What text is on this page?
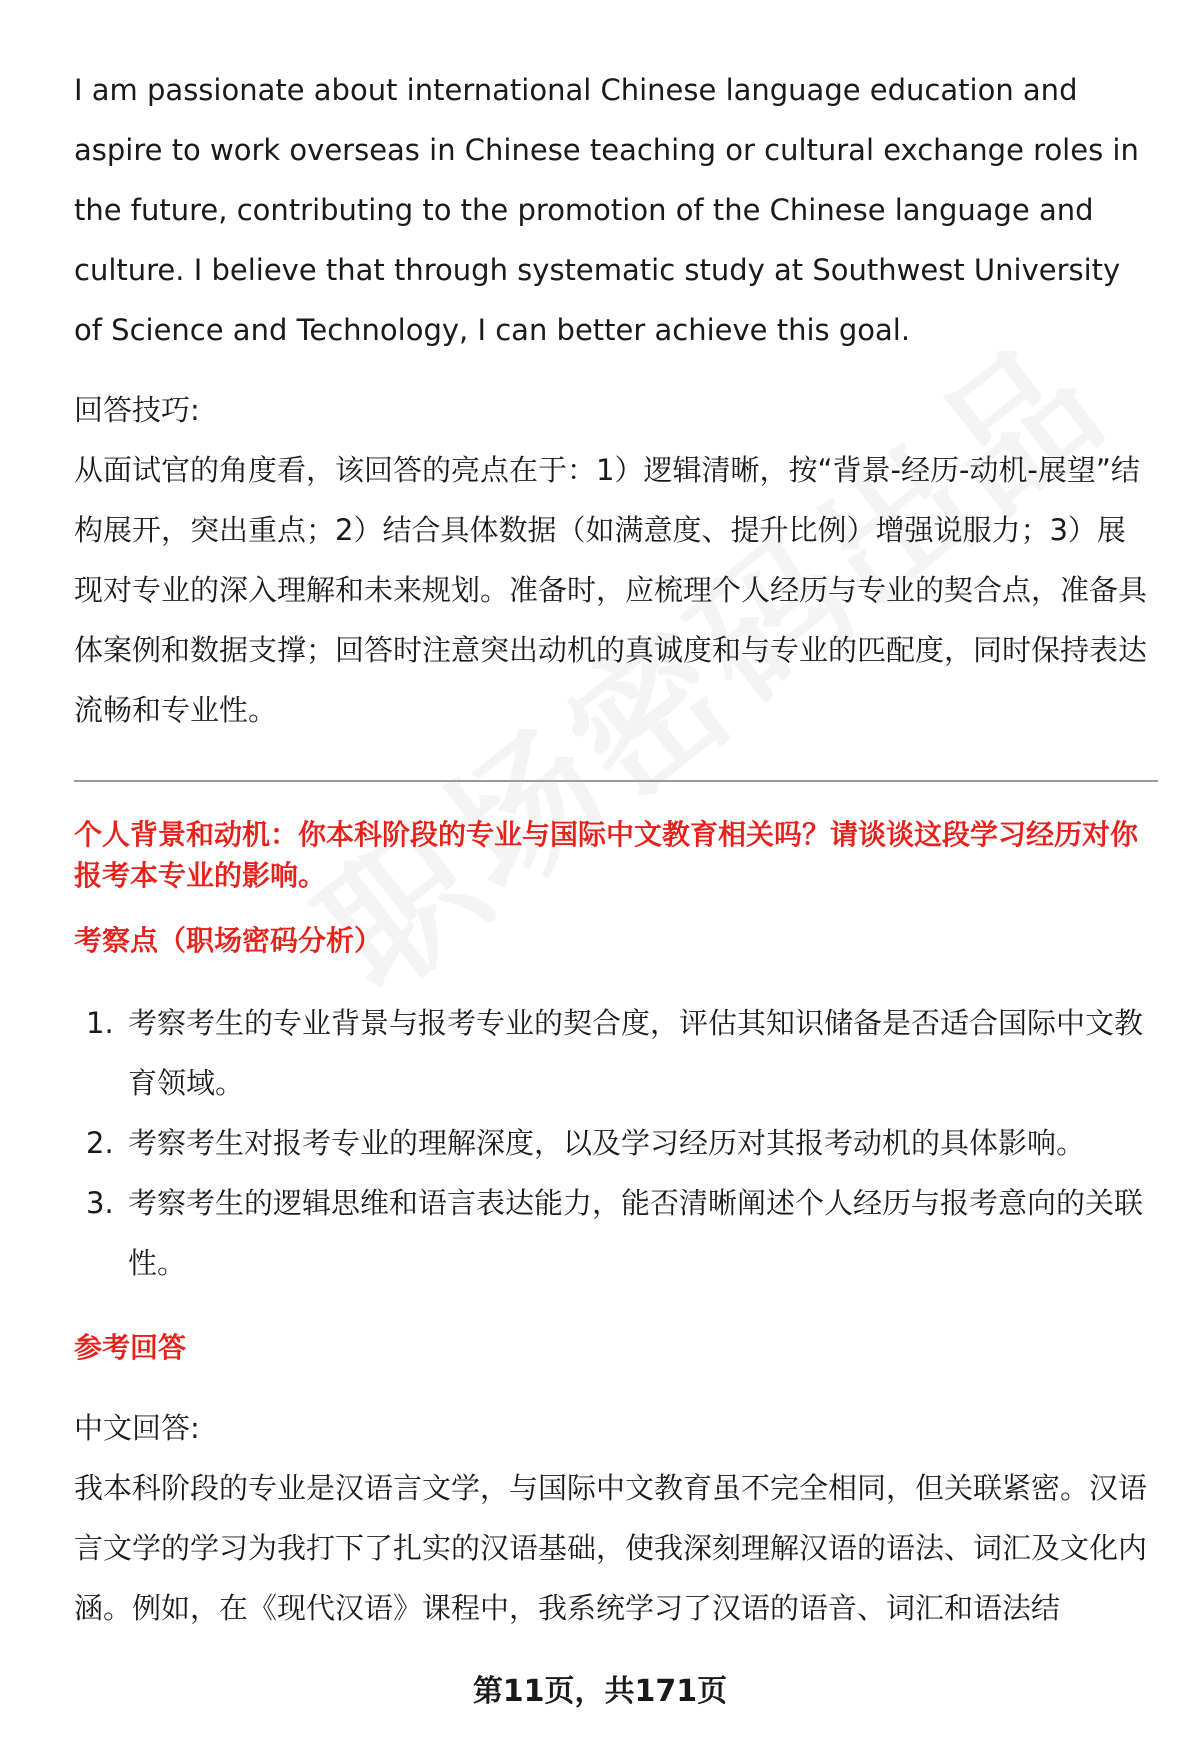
I am passionate about international Chinese language education and aspire to work overseas in Chinese teaching or cultural exchange roles in the future, contributing to the promotion of the Chinese language and culture. I believe that through systematic study at Southwest University of Science and Technology, I can better achieve this goal.

回答技巧:

从面试官的角度看，该回答的亮点在于：1）逻辑清晰，按“背景-经历-动机-展望”结构展开，突出重点；2）结合具体数据（如满意度、提升比例）增强说服力；3）展现对专业的深入理解和未来规划。准备时，应梳理个人经历与专业的契合点，准备具体案例和数据支撑；回答时注意突出动机的真诚度和与专业的匹配度，同时保持表达流畅和专业性。

个人背景和动机：你本科阶段的专业与国际中文教育相关吗？请谈谈这段学习经历对你报考本专业的影响。

考察点（职场密码分析）

1. 考察考生的专业背景与报考专业的契合度，评估其知识储备是否适合国际中文教育领域。
2. 考察考生对报考专业的理解深度，以及学习经历对其报考动机的具体影响。
3. 考察考生的逻辑思维和语言表达能力，能否清晰阐述个人经历与报考意向的关联性。

参考回答

中文回答:

我本科阶段的专业是汉语言文学，与国际中文教育虽不完全相同，但关联紧密。汉语言文学的学习为我打下了扎实的汉语基础，使我深刻理解汉语的语法、词汇及文化内涵。例如，在《现代汉语》课程中，我系统学习了汉语的语音、词汇和语法结

第11页，共171页
